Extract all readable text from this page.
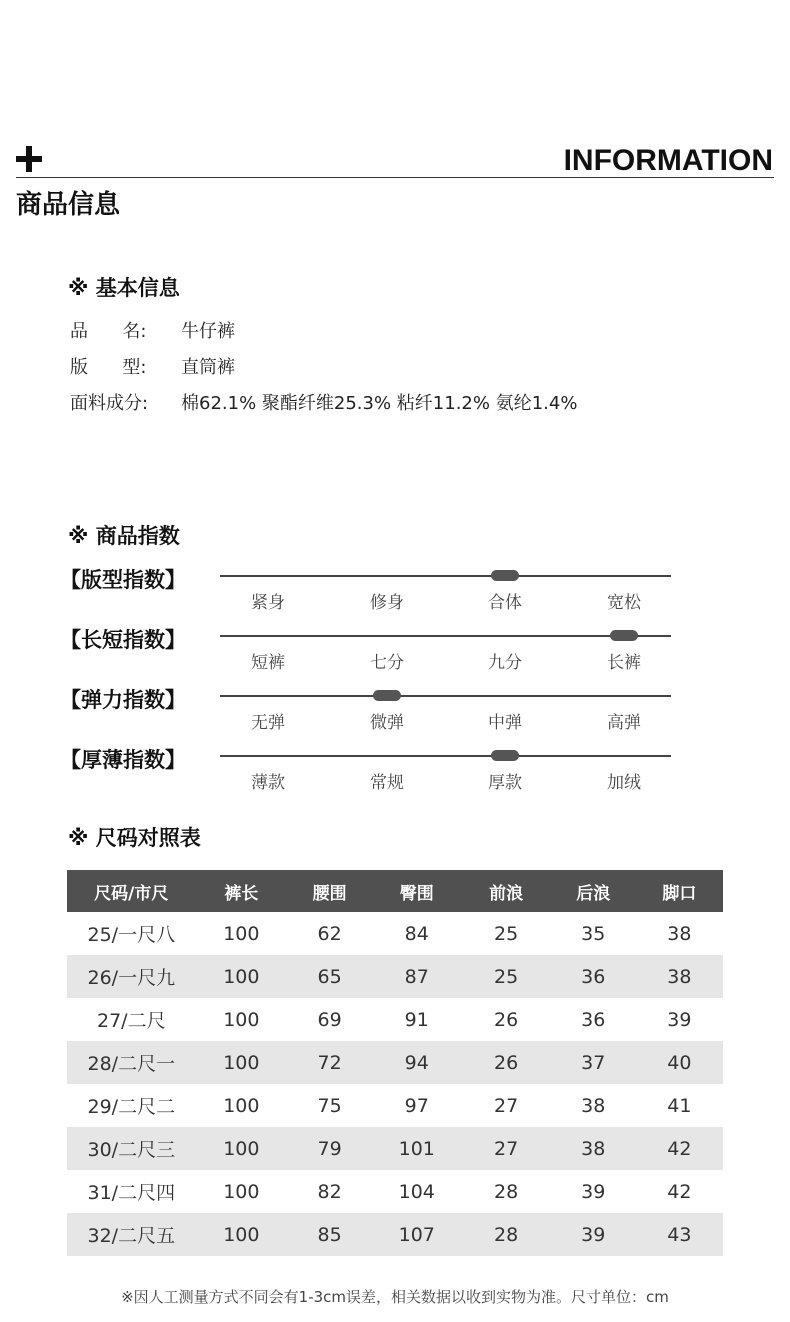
INFORMATION
商品信息
※ 基本信息
品      名:	牛仔裤
版      型:	直筒裤
面料成分:	棉62.1% 聚酯纤维25.3% 粘纤11.2% 氨纶1.4%
※ 商品指数
【版型指数】
紧身	修身	合体	宽松
【长短指数】
短裤	七分	九分	长裤
【弹力指数】
无弹	微弹	中弹	高弹
【厚薄指数】
薄款	常规	厚款	加绒
※ 尺码对照表
尺码/市尺	裤长	腰围	臀围	前浪	后浪	脚口
25/一尺八	100	62	84	25	35	38
26/一尺九	100	65	87	25	36	38
27/二尺	100	69	91	26	36	39
28/二尺一	100	72	94	26	37	40
29/二尺二	100	75	97	27	38	41
30/二尺三	100	79	101	27	38	42
31/二尺四	100	82	104	28	39	42
32/二尺五	100	85	107	28	39	43
※因人工测量方式不同会有1-3cm误差，相关数据以收到实物为准。尺寸单位：cm
